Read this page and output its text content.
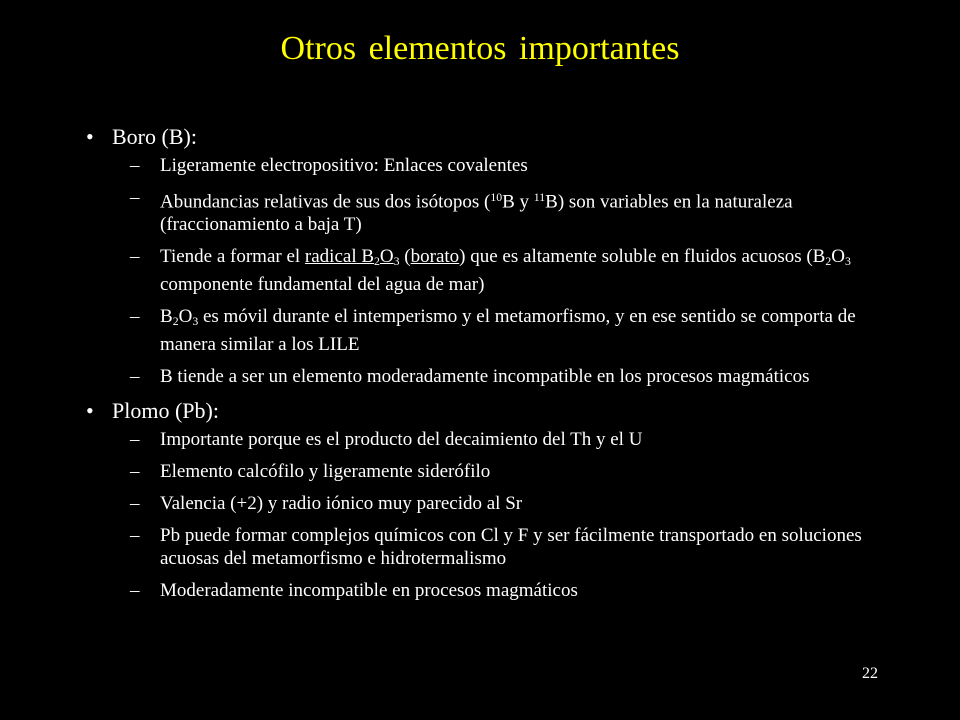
Otros elementos importantes
• Boro (B):
–	Ligeramente electropositivo: Enlaces covalentes
–	Abundancias relativas de sus dos isótopos ($^{10}$B y $^{11}$B) son variables en la naturaleza (fraccionamiento a baja T)
–	Tiende a formar el radical $B_2O_3$ (borato) que es altamente soluble en fluidos acuosos ($B_2O_3$ componente fundamental del agua de mar)
–	$B_2O_3$ es móvil durante el intemperismo y el metamorfismo, y en ese sentido se comporta de manera similar a los LILE
–	B tiende a ser un elemento moderadamente incompatible en los procesos magmáticos
• Plomo (Pb):
–	Importante porque es el producto del decaimiento del Th y el U
–	Elemento calcófilo y ligeramente siderófilo
–	Valencia (+2) y radio iónico muy parecido al Sr
–	Pb puede formar complejos químicos con Cl y F y ser fácilmente transportado en soluciones acuosas del metamorfismo e hidrotermalismo
–	Moderadamente incompatible en procesos magmáticos
22
